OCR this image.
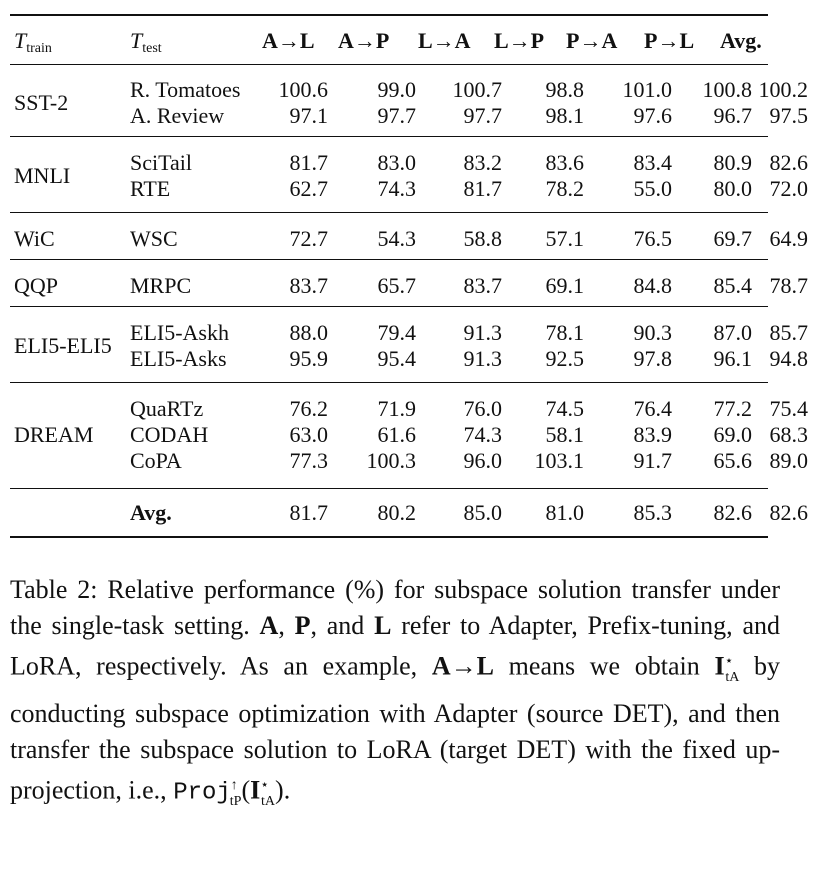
$T_{train}$	$T_{test}$	A→L A→P L→A L→P P→A P→L Avg.
SST-2
R. Tomatoes	100.6	99.0	100.7	98.8	101.0	100.8 100.2
A. Review	97.1	97.7	97.7	98.1	97.6	96.7 97.5
MNLI
SciTail	81.7	83.0	83.2	83.6	83.4	80.9 82.6
RTE	62.7	74.3	81.7	78.2	55.0	80.0 72.0
WiC	WSC	72.7	54.3	58.8	57.1	76.5	69.7 64.9
QQP	MRPC	83.7	65.7	83.7	69.1	84.8	85.4 78.7
ELI5-ELI5
ELI5-Askh	88.0	79.4	91.3	78.1	90.3	87.0 85.7
ELI5-Asks	95.9	95.4	91.3	92.5	97.8	96.1 94.8
DREAM
QuaRTz	76.2	71.9	76.0	74.5	76.4	77.2 75.4
CODAH	63.0	61.6	74.3	58.1	83.9	69.0 68.3
CoPA	77.3	100.3	96.0	103.1	91.7	65.6 89.0
Avg.	81.7	80.2	85.0	81.0	85.3	82.6 82.6
Table 2: Relative performance (%) for subspace solution transfer under the single-task setting. A, P, and L refer to Adapter, Prefix-tuning, and LoRA, respectively. As an example, A→L means we obtain $I^⋆_{tA}$ by conducting subspace optimization with Adapter (source DET), and then transfer the subspace solution to LoRA (target DET) with the fixed up-projection, i.e., $Proj^↑_{tP}(I^⋆_{tA})$.
